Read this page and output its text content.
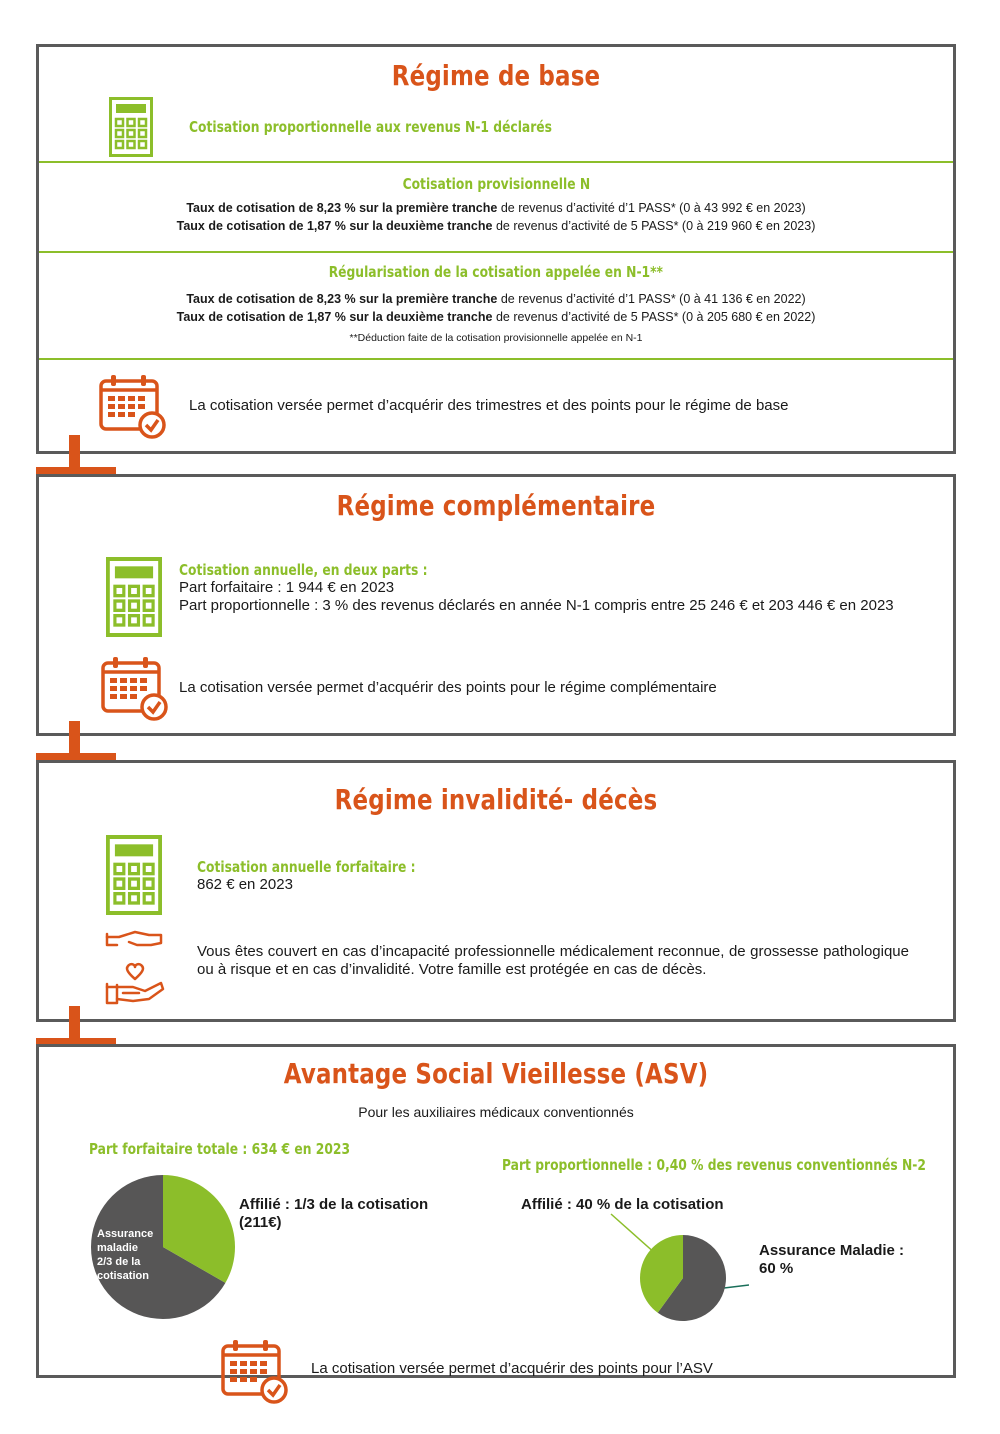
Régime de base
Cotisation proportionnelle aux revenus N-1 déclarés
Cotisation provisionnelle N
Taux de cotisation de 8,23 % sur la première tranche de revenus d’activité d’1 PASS* (0 à 43 992 € en 2023)
Taux de cotisation de 1,87 % sur la deuxième tranche de revenus d’activité de 5 PASS* (0 à 219 960 € en 2023)
Régularisation de la cotisation appelée en N-1**
Taux de cotisation de 8,23 % sur la première tranche de revenus d’activité d’1 PASS* (0 à 41 136 € en 2022)
Taux de cotisation de 1,87 % sur la deuxième tranche de revenus d’activité de 5 PASS* (0 à 205 680 € en 2022)
**Déduction faite de la cotisation provisionnelle appelée en N-1
La cotisation versée permet d’acquérir des trimestres et des points pour le régime de base
Régime complémentaire
Cotisation annuelle, en deux parts :
Part forfaitaire : 1 944 € en 2023
Part proportionnelle : 3 % des revenus déclarés en année N-1 compris entre 25 246 € et 203 446 € en 2023
La cotisation versée permet d’acquérir des points pour le régime complémentaire
Régime invalidité- décès
Cotisation annuelle forfaitaire :
862 € en 2023
Vous êtes couvert en cas d’incapacité professionnelle médicalement reconnue, de grossesse pathologique ou à risque et en cas d’invalidité. Votre famille est protégée en cas de décès.
Avantage Social Vieillesse (ASV)
Pour les auxiliaires médicaux conventionnés
Part forfaitaire totale : 634 € en 2023
Part proportionnelle : 0,40 % des revenus conventionnés N-2
Assurance
maladie
2/3 de la
cotisation
Affilié : 1/3 de la cotisation (211€)
Affilié : 40 % de la cotisation
Assurance Maladie :
60 %
La cotisation versée permet d’acquérir des points pour l’ASV
